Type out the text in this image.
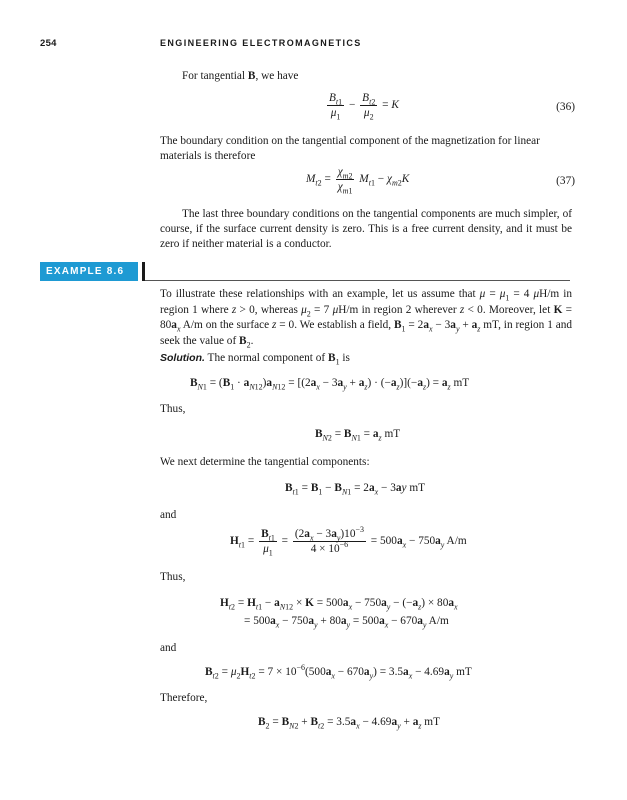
254	ENGINEERING ELECTROMAGNETICS
For tangential B, we have
$\frac{B_{t1}}{\mu_1} - \frac{B_{t2}}{\mu_2} = K$	(36)
The boundary condition on the tangential component of the magnetization for linear
materials is therefore
$M_{t2} = \frac{\chi_{m2}}{\chi_{m1}} M_{t1} - \chi_{m2}K$	(37)
The last three boundary conditions on the tangential components are much simpler, of course, if the surface current density is zero. This is a free current density, and it must be zero if neither material is a conductor.
EXAMPLE 8.6
To illustrate these relationships with an example, let us assume that $\mu = \mu_1 = 4$ μH/m in region 1 where z > 0, whereas $\mu_2 = 7$ μH/m in region 2 wherever z < 0. Moreover, let $K = 80a_x$ A/m on the surface z = 0. We establish a field, $B_1 = 2a_x - 3a_y + a_z$ mT, in region 1 and seek the value of $B_2$.
Solution. The normal component of $B_1$ is
$B_{N1} = (B_1 \cdot a_{N12})a_{N12} = [(2a_x - 3a_y + a_z) \cdot (-a_z)](-a_z) = a_z$ mT
Thus,
$B_{N2} = B_{N1} = a_z$ mT
We next determine the tangential components:
$B_{t1} = B_1 - B_{N1} = 2a_x - 3ay$ mT
and
$H_{t1} = \frac{B_{t1}}{\mu_1} = \frac{(2a_x - 3a_y)10^{-3}}{4 \times 10^{-6}} = 500a_x - 750a_y$ A/m
Thus,
$H_{t2} = H_{t1} - a_{N12} \times K = 500a_x - 750a_y - (-a_z) \times 80a_x$
= $500a_x - 750a_y + 80a_y = 500a_x - 670a_y$ A/m
and
$B_{t2} = \mu_2H_{t2} = 7 \times 10^{-6}(500a_x - 670a_y) = 3.5a_x - 4.69a_y$ mT
Therefore,
$B_2 = B_{N2} + B_{t2} = 3.5a_x - 4.69a_y + a_z$ mT
